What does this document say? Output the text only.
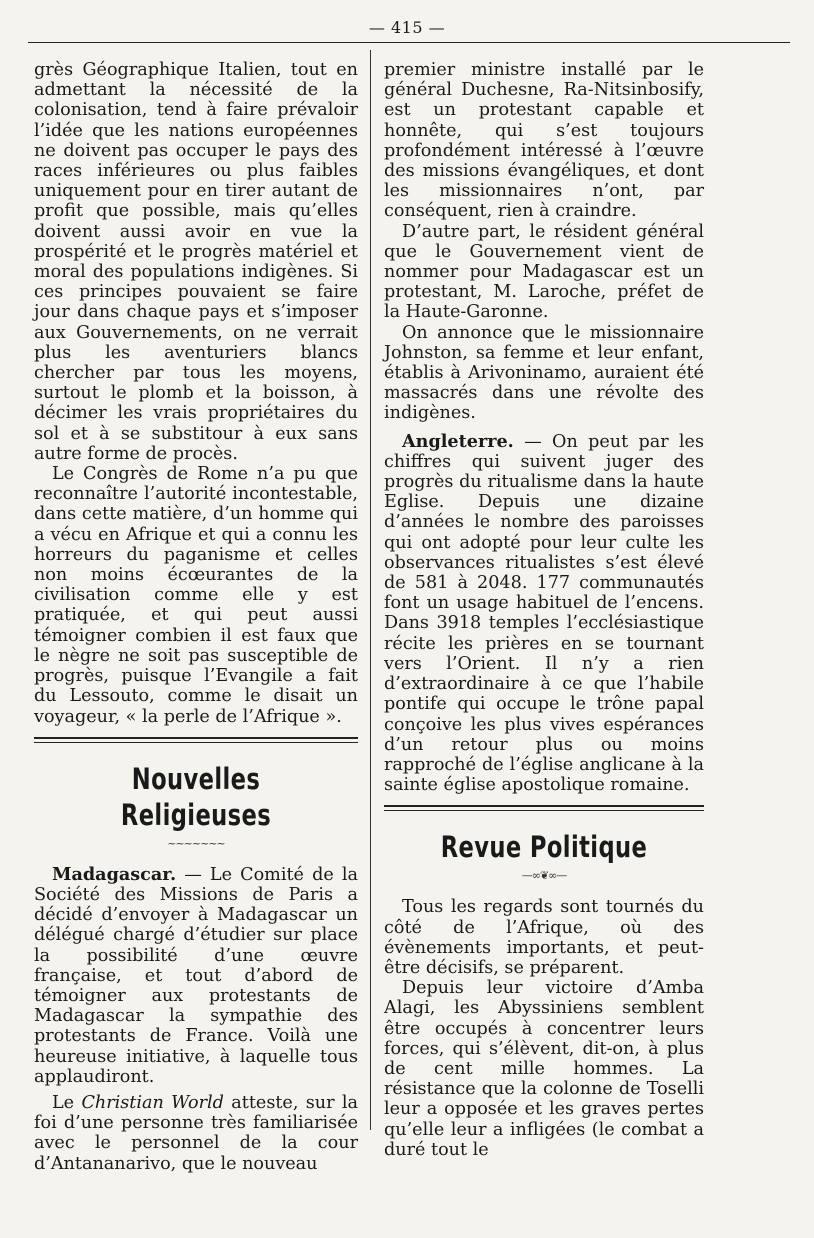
— 415 —

grès Géographique Italien, tout en admettant la nécessité de la colonisation, tend à faire prévaloir l’idée que les nations européennes ne doivent pas occuper le pays des races inférieures ou plus faibles uniquement pour en tirer autant de profit que possible, mais qu’elles doivent aussi avoir en vue la prospérité et le progrès matériel et moral des populations indigènes. Si ces principes pouvaient se faire jour dans chaque pays et s’imposer aux Gouvernements, on ne verrait plus les aventuriers blancs chercher par tous les moyens, surtout le plomb et la boisson, à décimer les vrais propriétaires du sol et à se substitour à eux sans autre forme de procès.

Le Congrès de Rome n’a pu que reconnaître l’autorité incontestable, dans cette matière, d’un homme qui a vécu en Afrique et qui a connu les horreurs du paganisme et celles non moins écœurantes de la civilisation comme elle y est pratiquée, et qui peut aussi témoigner combien il est faux que le nègre ne soit pas susceptible de progrès, puisque l’Evangile a fait du Lessouto, comme le disait un voyageur, « la perle de l’Afrique ».

Nouvelles Religieuses
~~~~~~~

Madagascar. — Le Comité de la Société des Missions de Paris a décidé d’envoyer à Madagascar un délégué chargé d’étudier sur place la possibilité d’une œuvre française, et tout d’abord de témoigner aux protestants de Madagascar la sympathie des protestants de France. Voilà une heureuse initiative, à laquelle tous applaudiront.

Le Christian World atteste, sur la foi d’une personne très familiarisée avec le personnel de la cour d’Antananarivo, que le nouveau

premier ministre installé par le général Duchesne, Ra-Nitsinbosify, est un protestant capable et honnête, qui s’est toujours profondément intéressé à l’œuvre des missions évangéliques, et dont les missionnaires n’ont, par conséquent, rien à craindre.

D’autre part, le résident général que le Gouvernement vient de nommer pour Madagascar est un protestant, M. Laroche, préfet de la Haute-Garonne.

On annonce que le missionnaire Johnston, sa femme et leur enfant, établis à Arivoninamo, auraient été massacrés dans une révolte des indigènes.

Angleterre. — On peut par les chiffres qui suivent juger des progrès du ritualisme dans la haute Eglise. Depuis une dizaine d’années le nombre des paroisses qui ont adopté pour leur culte les observances ritualistes s’est élevé de 581 à 2048. 177 communautés font un usage habituel de l’encens. Dans 3918 temples l’ecclésiastique récite les prières en se tournant vers l’Orient. Il n’y a rien d’extraordinaire à ce que l’habile pontife qui occupe le trône papal conçoive les plus vives espérances d’un retour plus ou moins rapproché de l’église anglicane à la sainte église apostolique romaine.

Revue Politique
—∞❦∞—

Tous les regards sont tournés du côté de l’Afrique, où des évènements importants, et peut-être décisifs, se préparent.

Depuis leur victoire d’Amba Alagi, les Abyssiniens semblent être occupés à concentrer leurs forces, qui s’élèvent, dit-on, à plus de cent mille hommes. La résistance que la colonne de Toselli leur a opposée et les graves pertes qu’elle leur a infligées (le combat a duré tout le
